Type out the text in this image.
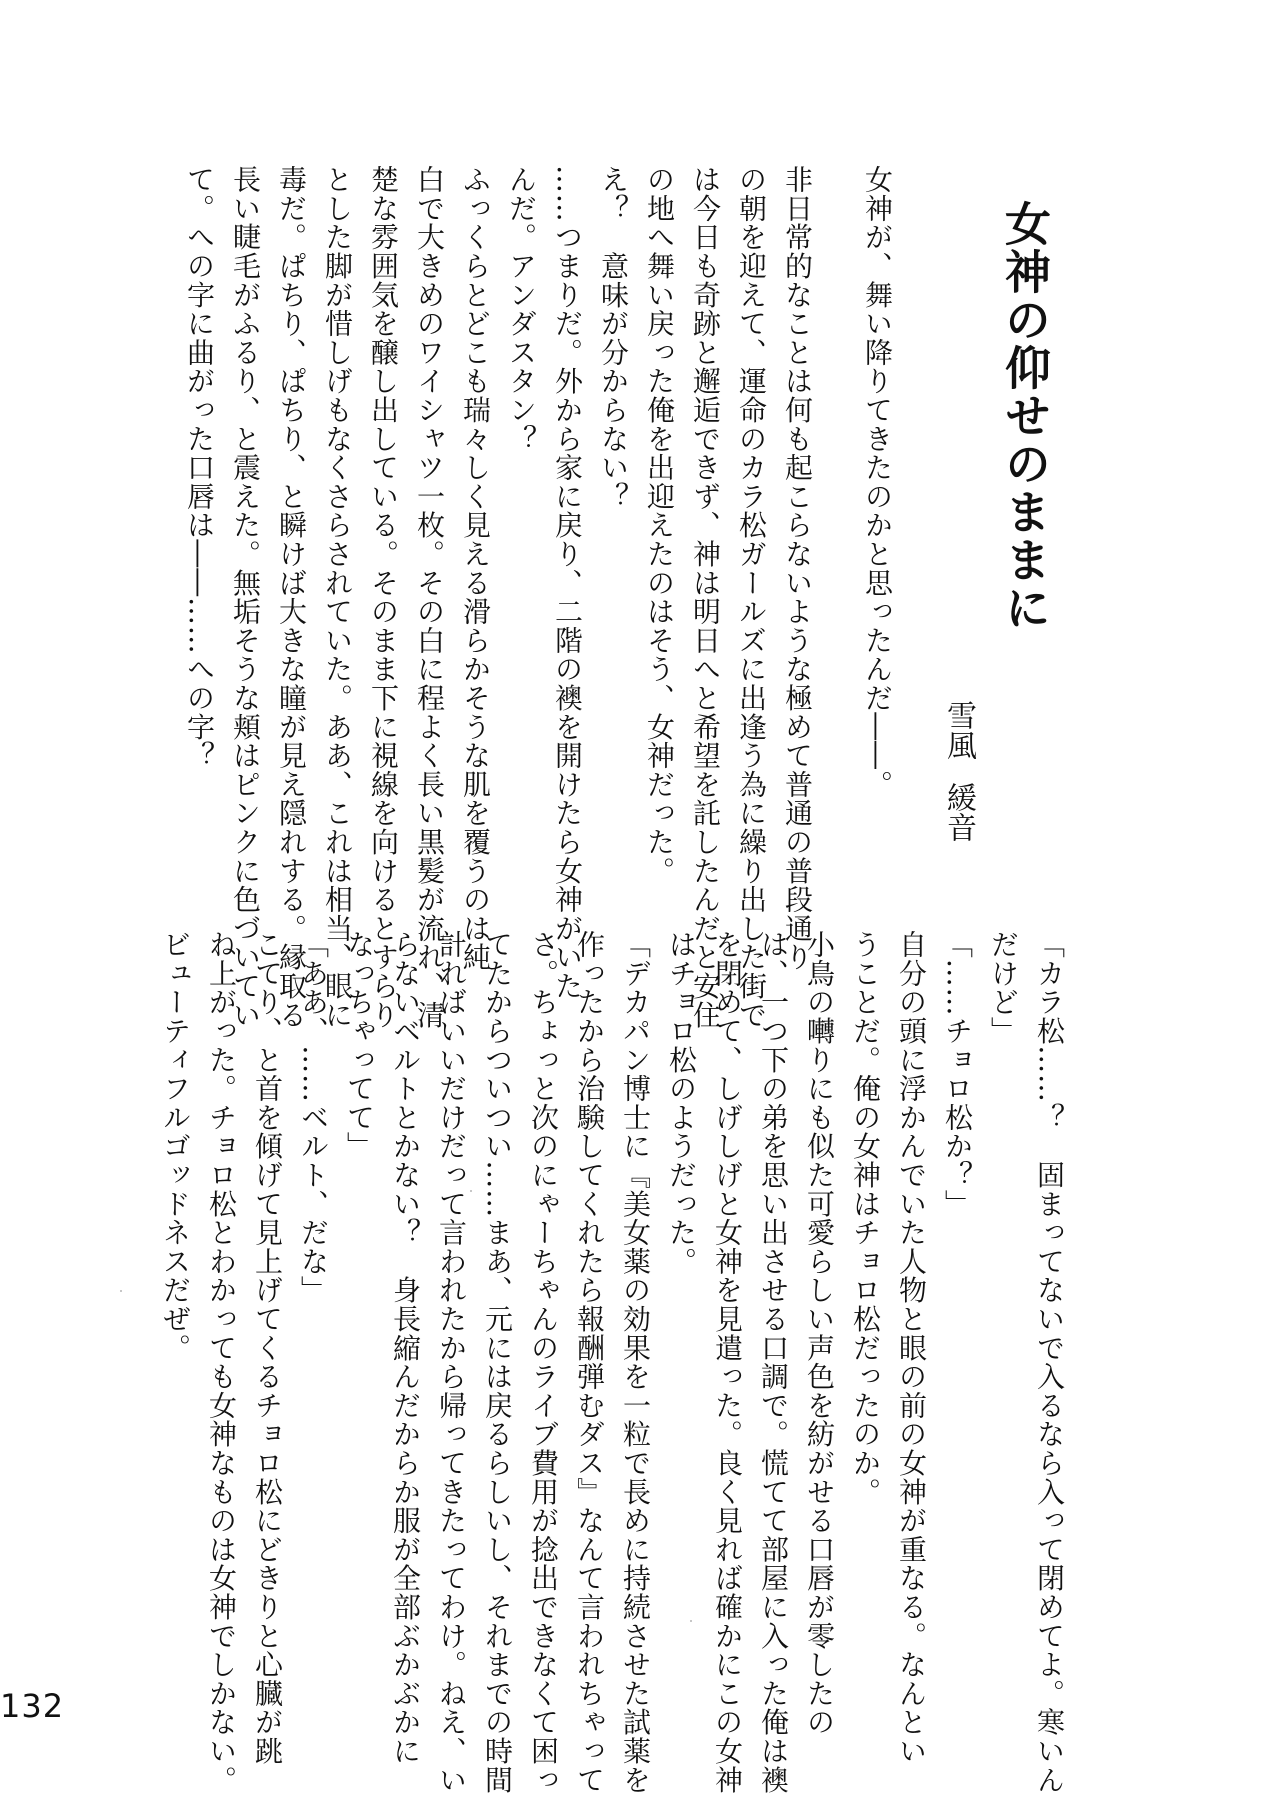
女神の仰せのままに
雪風緩音
女神が、舞い降りてきたのかと思ったんだ――。
非日常的なことは何も起こらないような極めて普通の普段通り
の朝を迎えて、運命のカラ松ガールズに出逢う為に繰り出した街で
は今日も奇跡と邂逅できず、神は明日へと希望を託したんだと安住
の地へ舞い戻った俺を出迎えたのはそう、女神だった。
え？　意味が分からない？
……つまりだ。外から家に戻り、二階の襖を開けたら女神がいた
んだ。アンダスタン？
ふっくらとどこも瑞々しく見える滑らかそうな肌を覆うのは純
白で大きめのワイシャツ一枚。その白に程よく長い黒髪が流れ、清
楚な雰囲気を醸し出している。そのまま下に視線を向けるとすらり
とした脚が惜しげもなくさらされていた。ああ、これは相当、眼に
毒だ。ぱちり、ぱちり、と瞬けば大きな瞳が見え隠れする。縁取る
長い睫毛がふるり、と震えた。無垢そうな頬はピンクに色づいてい
て。への字に曲がった口唇は――……への字？
「カラ松……？　固まってないで入るなら入って閉めてよ。寒いん
だけど」
「……チョロ松か？」
自分の頭に浮かんでいた人物と眼の前の女神が重なる。なんとい
うことだ。俺の女神はチョロ松だったのか。
小鳥の囀りにも似た可愛らしい声色を紡がせる口唇が零したの
は、一つ下の弟を思い出させる口調で。慌てて部屋に入った俺は襖
を閉めて、しげしげと女神を見遣った。良く見れば確かにこの女神
はチョロ松のようだった。
「デカパン博士に『美女薬の効果を一粒で長めに持続させた試薬を
作ったから治験してくれたら報酬弾むダス』なんて言われちゃって
さ。ちょっと次のにゃーちゃんのライブ費用が捻出できなくて困っ
てたからついつい……まあ、元には戻るらしいし、それまでの時間
計ればいいだけだって言われたから帰ってきたってわけ。ねえ、い
らないベルトとかない？　身長縮んだからか服が全部ぶかぶかに
なっちゃってて」
「ああ、……ベルト、だな」
こてり、と首を傾げて見上げてくるチョロ松にどきりと心臓が跳
ね上がった。チョロ松とわかっても女神なものは女神でしかない。
ビューティフルゴッドネスだぜ。
132
